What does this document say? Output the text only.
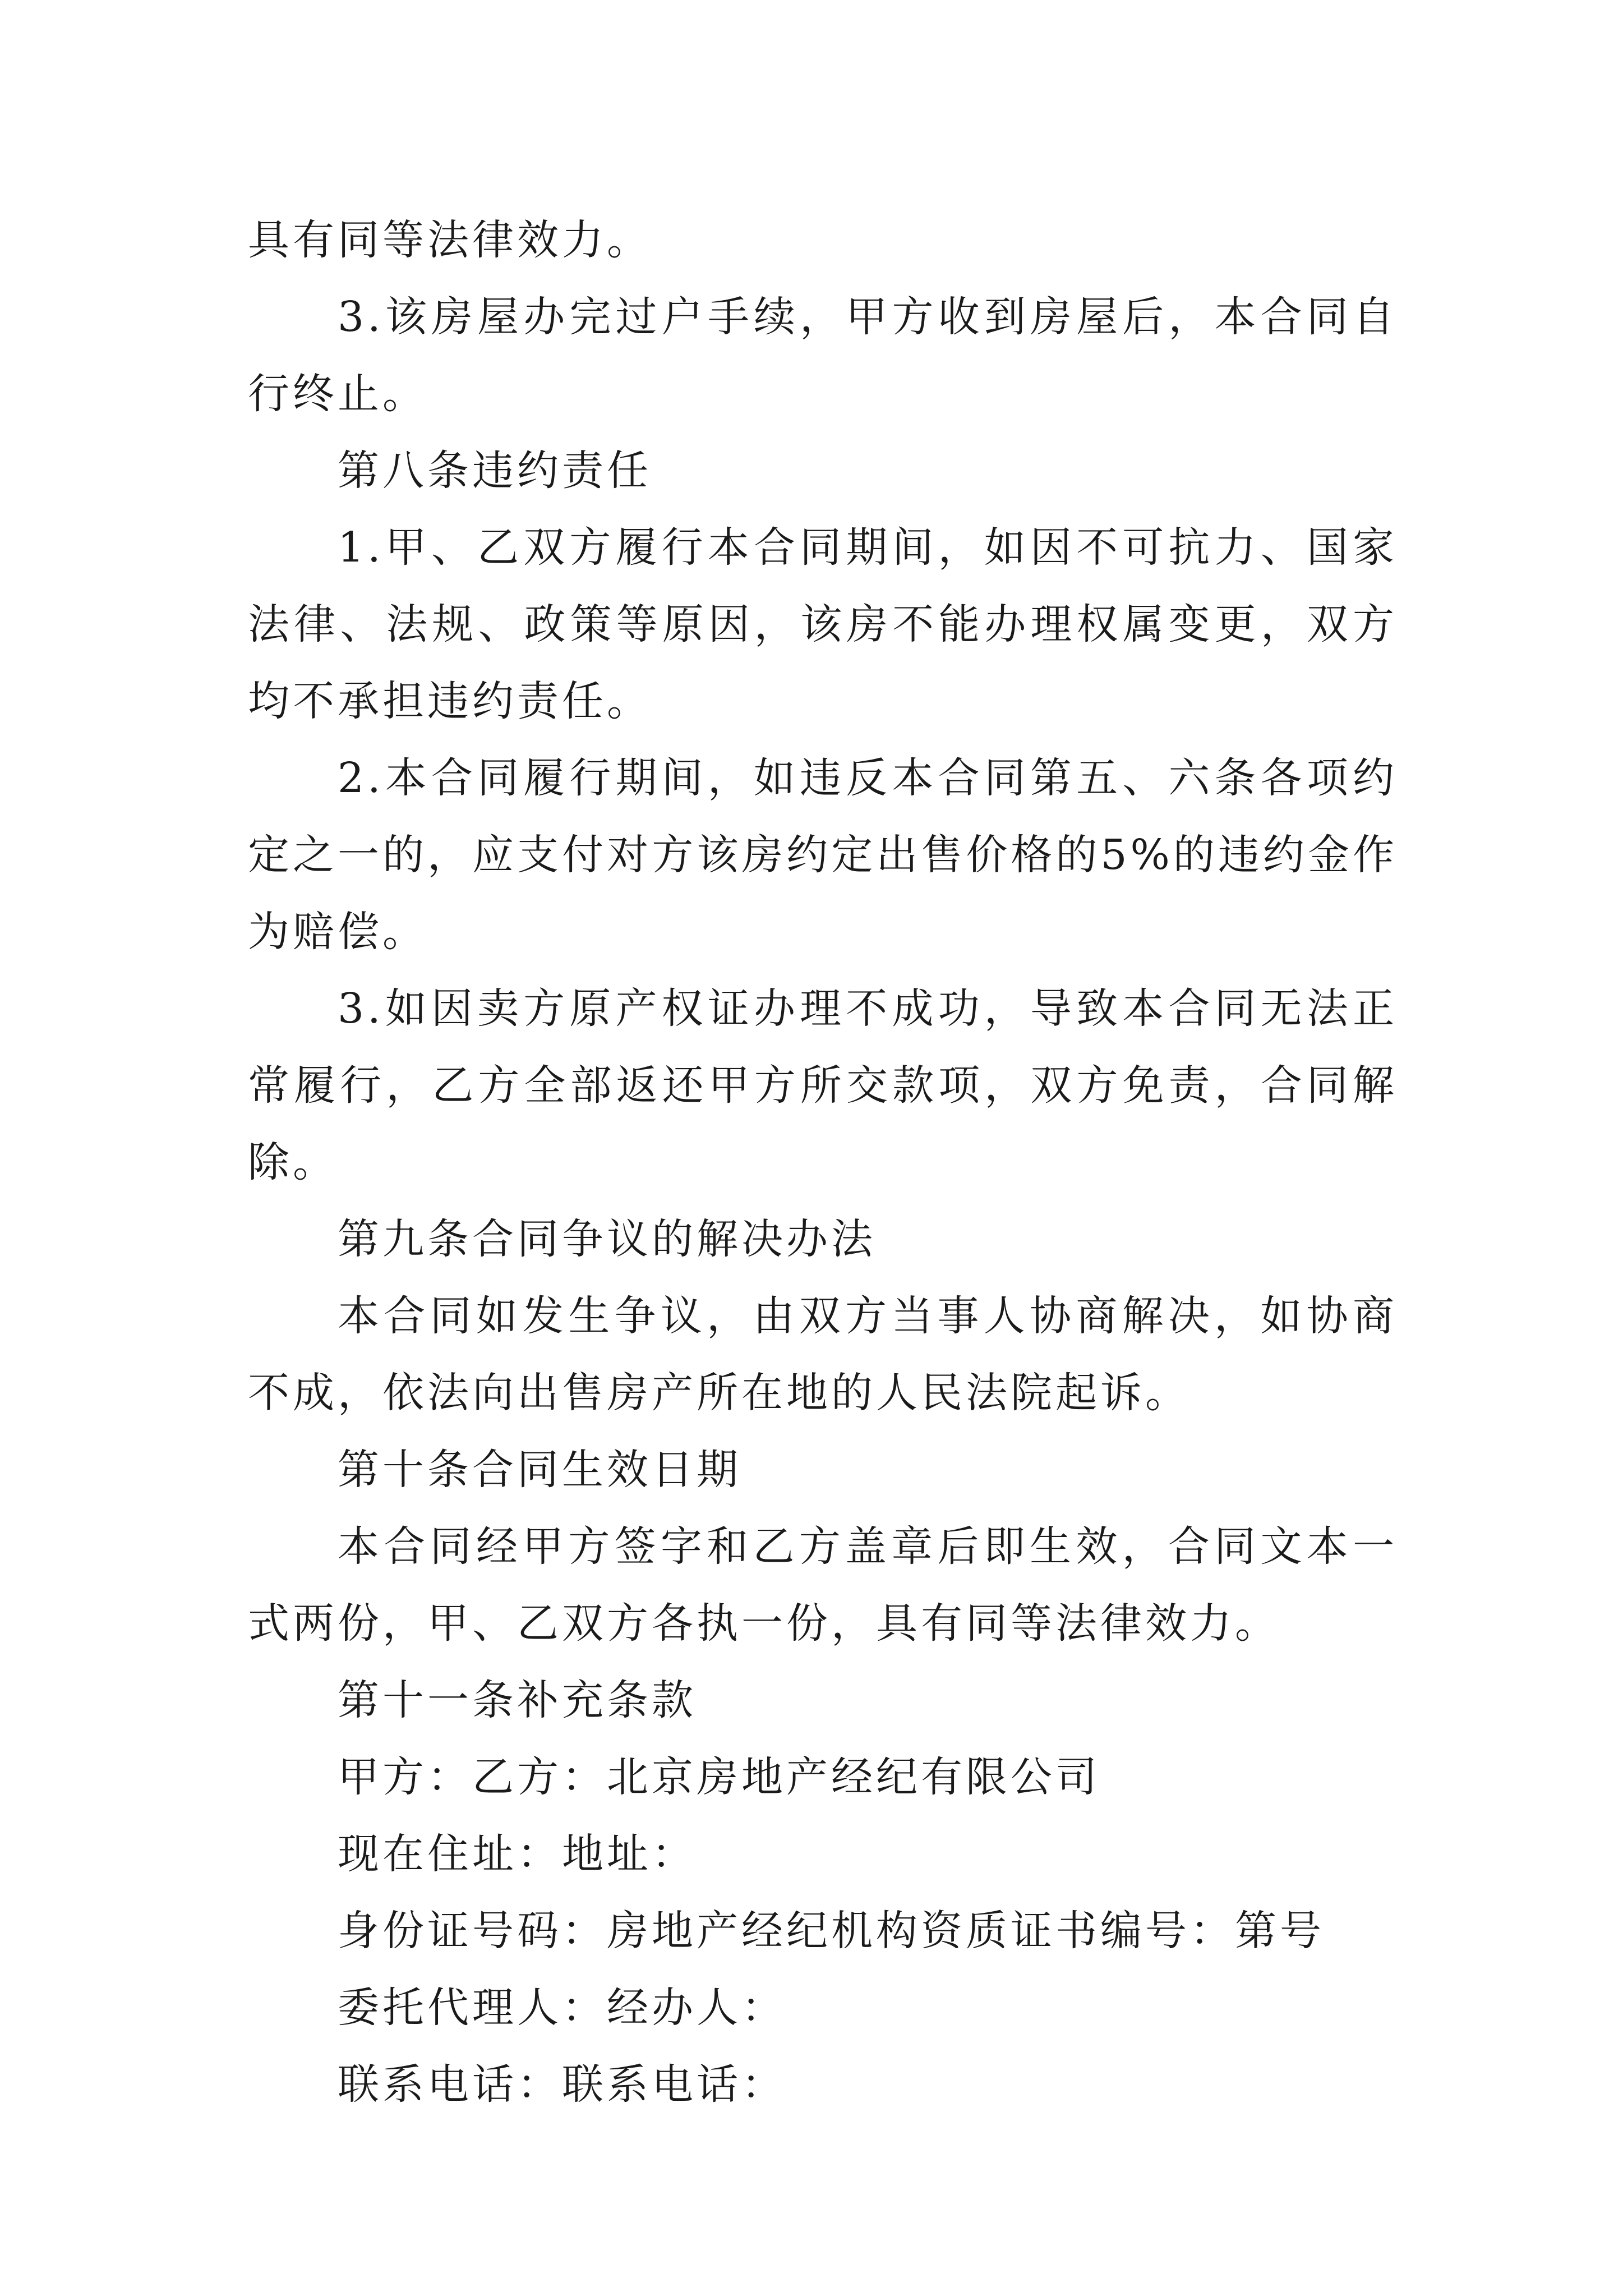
具有同等法律效力。

3.该房屋办完过户手续，甲方收到房屋后，本合同自行终止。

第八条违约责任

1.甲、乙双方履行本合同期间，如因不可抗力、国家法律、法规、政策等原因，该房不能办理权属变更，双方均不承担违约责任。

2.本合同履行期间，如违反本合同第五、六条各项约定之一的，应支付对方该房约定出售价格的5%的违约金作为赔偿。

3.如因卖方原产权证办理不成功，导致本合同无法正常履行，乙方全部返还甲方所交款项，双方免责，合同解除。

第九条合同争议的解决办法

本合同如发生争议，由双方当事人协商解决，如协商不成，依法向出售房产所在地的人民法院起诉。

第十条合同生效日期

本合同经甲方签字和乙方盖章后即生效，合同文本一式两份，甲、乙双方各执一份，具有同等法律效力。

第十一条补充条款

甲方：乙方：北京房地产经纪有限公司

现在住址：地址：

身份证号码：房地产经纪机构资质证书编号：第号

委托代理人：经办人：

联系电话：联系电话：
